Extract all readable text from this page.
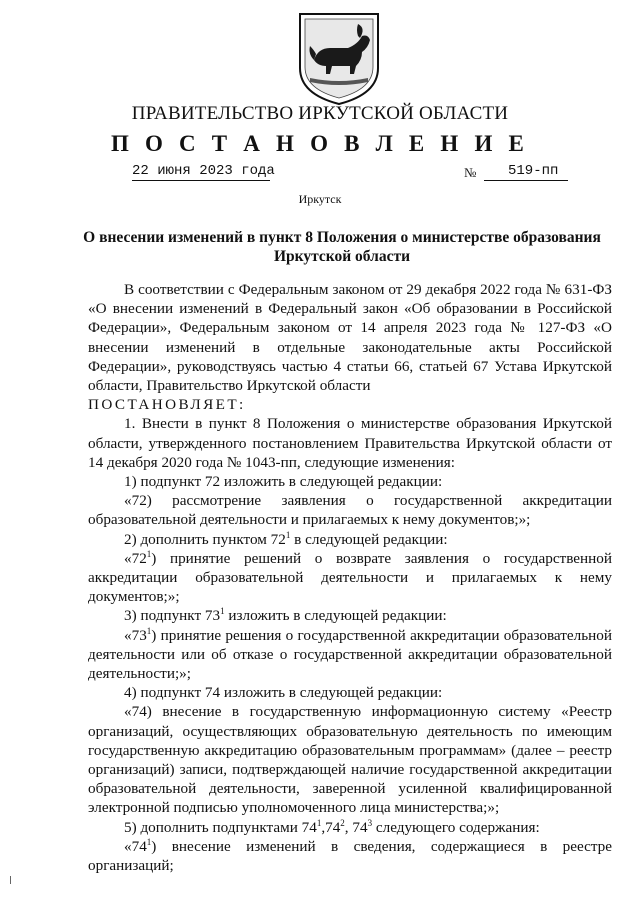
ПРАВИТЕЛЬСТВО ИРКУТСКОЙ ОБЛАСТИ
П О С Т А Н О В Л Е Н И Е
22 июня 2023 года	№ 519-пп
Иркутск
О внесении изменений в пункт 8 Положения о министерстве образования Иркутской области

В соответствии с Федеральным законом от 29 декабря 2022 года № 631-ФЗ «О внесении изменений в Федеральный закон «Об образовании в Российской Федерации», Федеральным законом от 14 апреля 2023 года № 127-ФЗ «О внесении изменений в отдельные законодательные акты Российской Федерации», руководствуясь частью 4 статьи 66, статьей 67 Устава Иркутской области, Правительство Иркутской области

ПОСТАНОВЛЯЕТ:

1. Внести в пункт 8 Положения о министерстве образования Иркутской области, утвержденного постановлением Правительства Иркутской области от 14 декабря 2020 года № 1043-пп, следующие изменения:

1) подпункт 72 изложить в следующей редакции:

«72) рассмотрение заявления о государственной аккредитации образовательной деятельности и прилагаемых к нему документов;»;

2) дополнить пунктом $72^1$ в следующей редакции:

«$72^1$) принятие решений о возврате заявления о государственной аккредитации образовательной деятельности и прилагаемых к нему документов;»;

3) подпункт $73^1$ изложить в следующей редакции:

«$73^1$) принятие решения о государственной аккредитации образовательной деятельности или об отказе о государственной аккредитации образовательной деятельности;»;

4) подпункт 74 изложить в следующей редакции:

«74) внесение в государственную информационную систему «Реестр организаций, осуществляющих образовательную деятельность по имеющим государственную аккредитацию образовательным программам» (далее – реестр организаций) записи, подтверждающей наличие государственной аккредитации образовательной деятельности, заверенной усиленной квалифицированной электронной подписью уполномоченного лица министерства;»;

5) дополнить подпунктами $74^1,74^2$, $74^3$ следующего содержания:

«$74^1$) внесение изменений в сведения, содержащиеся в реестре организаций;
